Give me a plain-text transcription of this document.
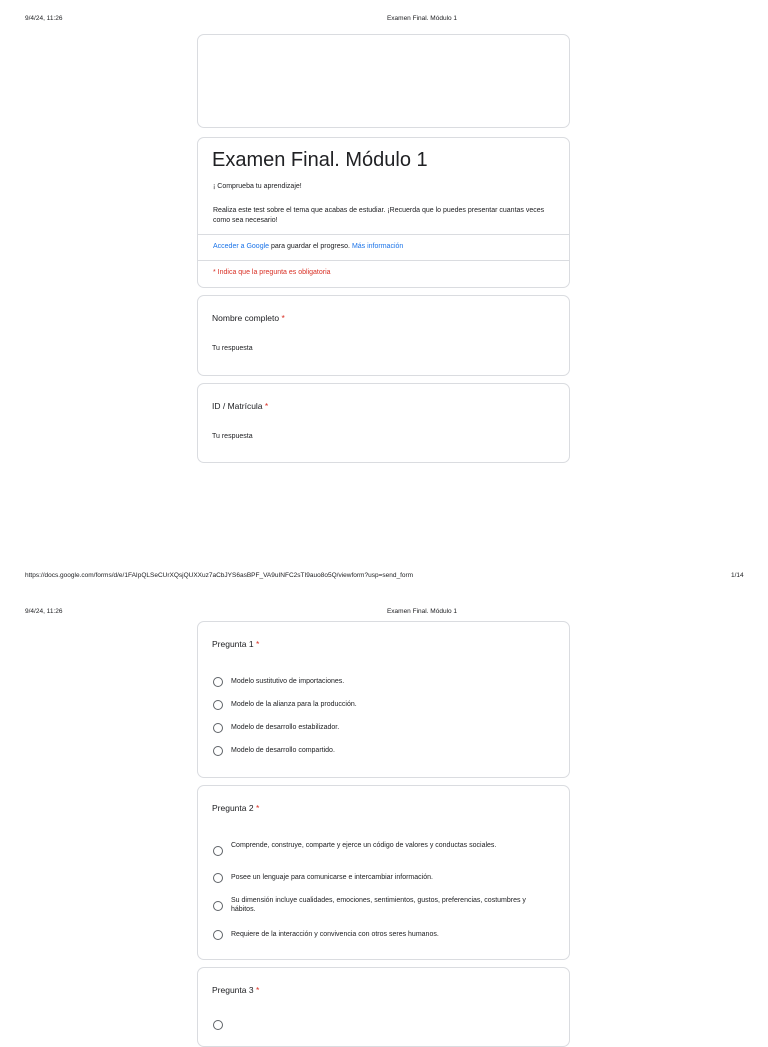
9/4/24, 11:26	Examen Final. Módulo 1
Examen Final. Módulo 1
¡ Comprueba tu aprendizaje!
Realiza este test sobre el tema que acabas de estudiar. ¡Recuerda que lo puedes presentar cuantas veces como sea necesario!
Acceder a Google para guardar el progreso. Más información
* Indica que la pregunta es obligatoria
Nombre completo *
Tu respuesta
ID / Matrícula *
Tu respuesta
https://docs.google.com/forms/d/e/1FAIpQLSeCUrXQsjQUXXuz7aCbJYS6asBPF_VA9uINFC2sTI9auo8o5Q/viewform?usp=send_form	1/14
9/4/24, 11:26	Examen Final. Módulo 1
Pregunta 1 *
Modelo sustitutivo de importaciones.
Modelo de la alianza para la producción.
Modelo de desarrollo estabilizador.
Modelo de desarrollo compartido.
Pregunta 2 *
Comprende, construye, comparte y ejerce un código de valores y conductas sociales.
Posee un lenguaje para comunicarse e intercambiar información.
Su dimensión incluye cualidades, emociones, sentimientos, gustos, preferencias, costumbres y hábitos.
Requiere de la interacción y convivencia con otros seres humanos.
Pregunta 3 *
